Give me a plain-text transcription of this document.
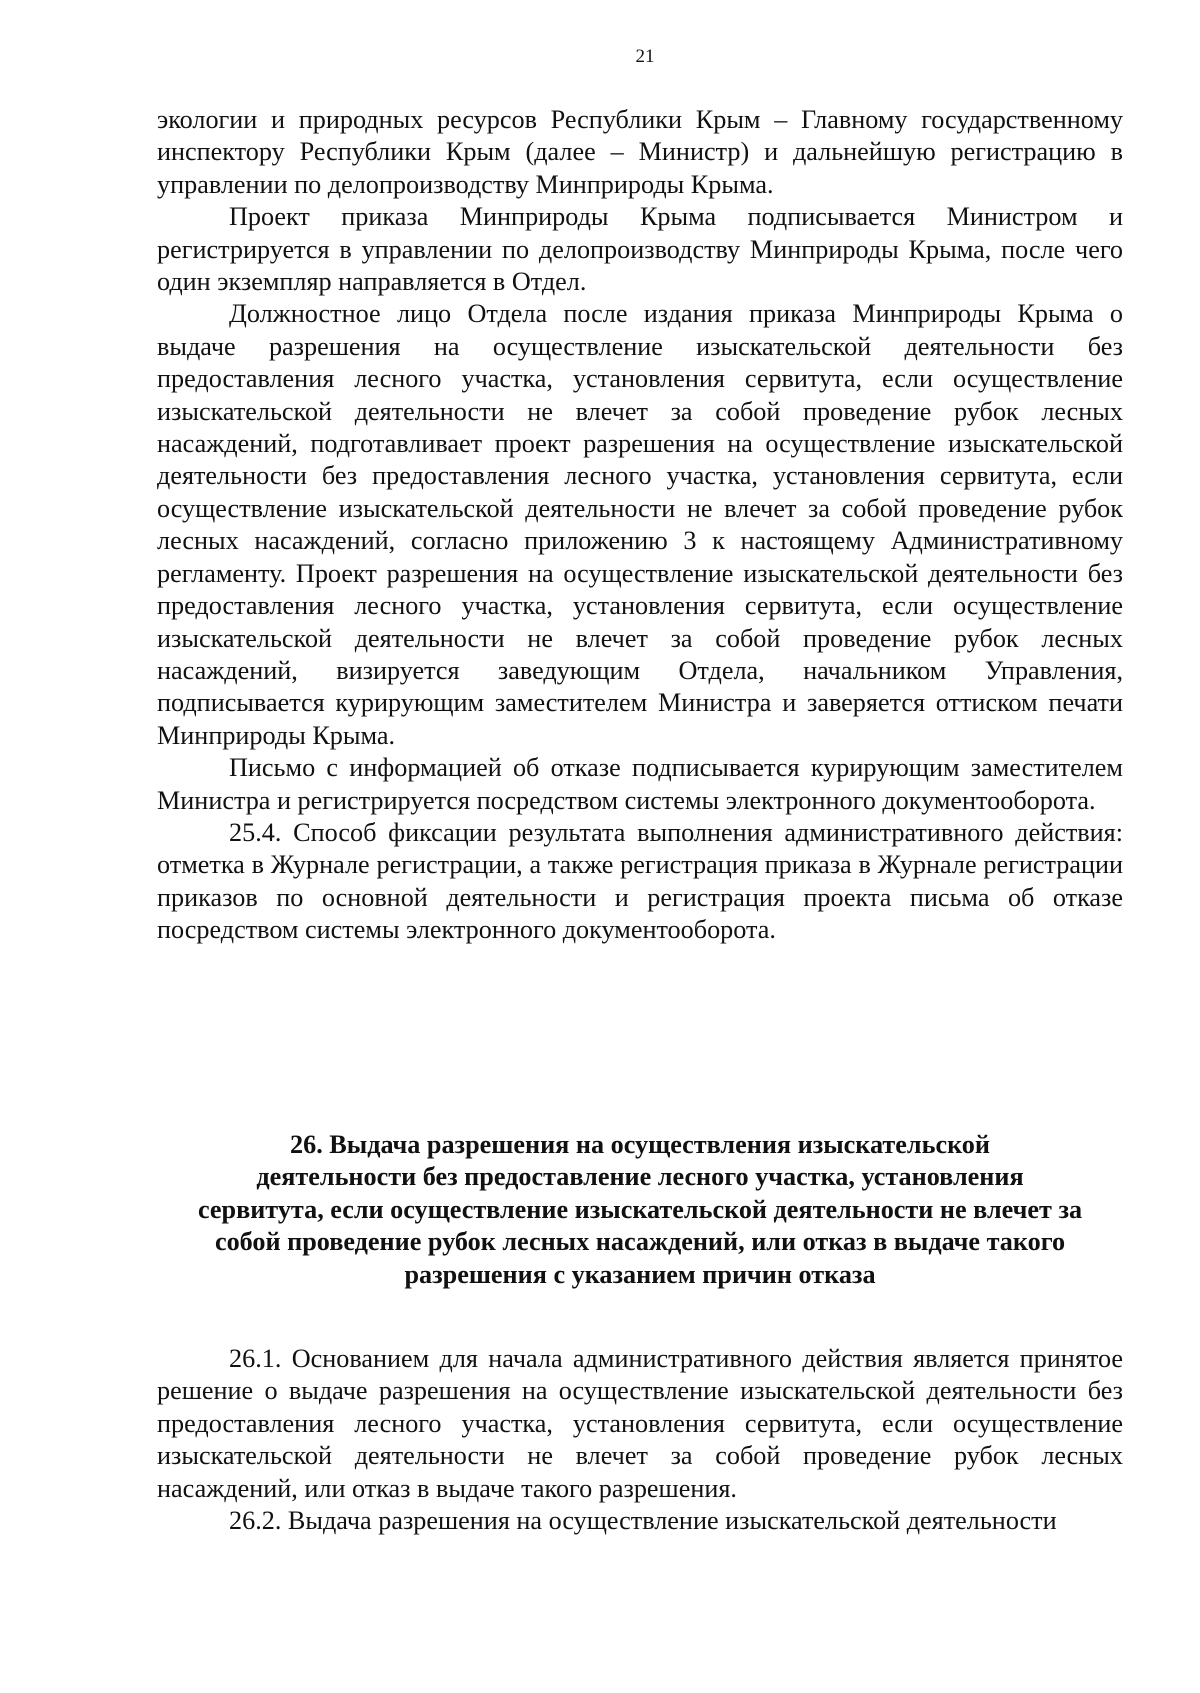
21

экологии и природных ресурсов Республики Крым – Главному государственному инспектору Республики Крым (далее – Министр) и дальнейшую регистрацию в управлении по делопроизводству Минприроды Крыма.

Проект приказа Минприроды Крыма подписывается Министром и регистрируется в управлении по делопроизводству Минприроды Крыма, после чего один экземпляр направляется в Отдел.

Должностное лицо Отдела после издания приказа Минприроды Крыма о выдаче разрешения на осуществление изыскательской деятельности без предоставления лесного участка, установления сервитута, если осуществление изыскательской деятельности не влечет за собой проведение рубок лесных насаждений, подготавливает проект разрешения на осуществление изыскательской деятельности без предоставления лесного участка, установления сервитута, если осуществление изыскательской деятельности не влечет за собой проведение рубок лесных насаждений, согласно приложению 3 к настоящему Административному регламенту. Проект разрешения на осуществление изыскательской деятельности без предоставления лесного участка, установления сервитута, если осуществление изыскательской деятельности не влечет за собой проведение рубок лесных насаждений, визируется заведующим Отдела, начальником Управления, подписывается курирующим заместителем Министра и заверяется оттиском печати Минприроды Крыма.

Письмо с информацией об отказе подписывается курирующим заместителем Министра и регистрируется посредством системы электронного документооборота.

25.4. Способ фиксации результата выполнения административного действия: отметка в Журнале регистрации, а также регистрация приказа в Журнале регистрации приказов по основной деятельности и регистрация проекта письма об отказе посредством системы электронного документооборота.

26. Выдача разрешения на осуществления изыскательской
деятельности без предоставление лесного участка, установления
сервитута, если осуществление изыскательской деятельности не влечет за
собой проведение рубок лесных насаждений, или отказ в выдаче такого
разрешения с указанием причин отказа

26.1. Основанием для начала административного действия является принятое решение о выдаче разрешения на осуществление изыскательской деятельности без предоставления лесного участка, установления сервитута, если осуществление изыскательской деятельности не влечет за собой проведение рубок лесных насаждений, или отказ в выдаче такого разрешения.

26.2. Выдача разрешения на осуществление изыскательской деятельности
